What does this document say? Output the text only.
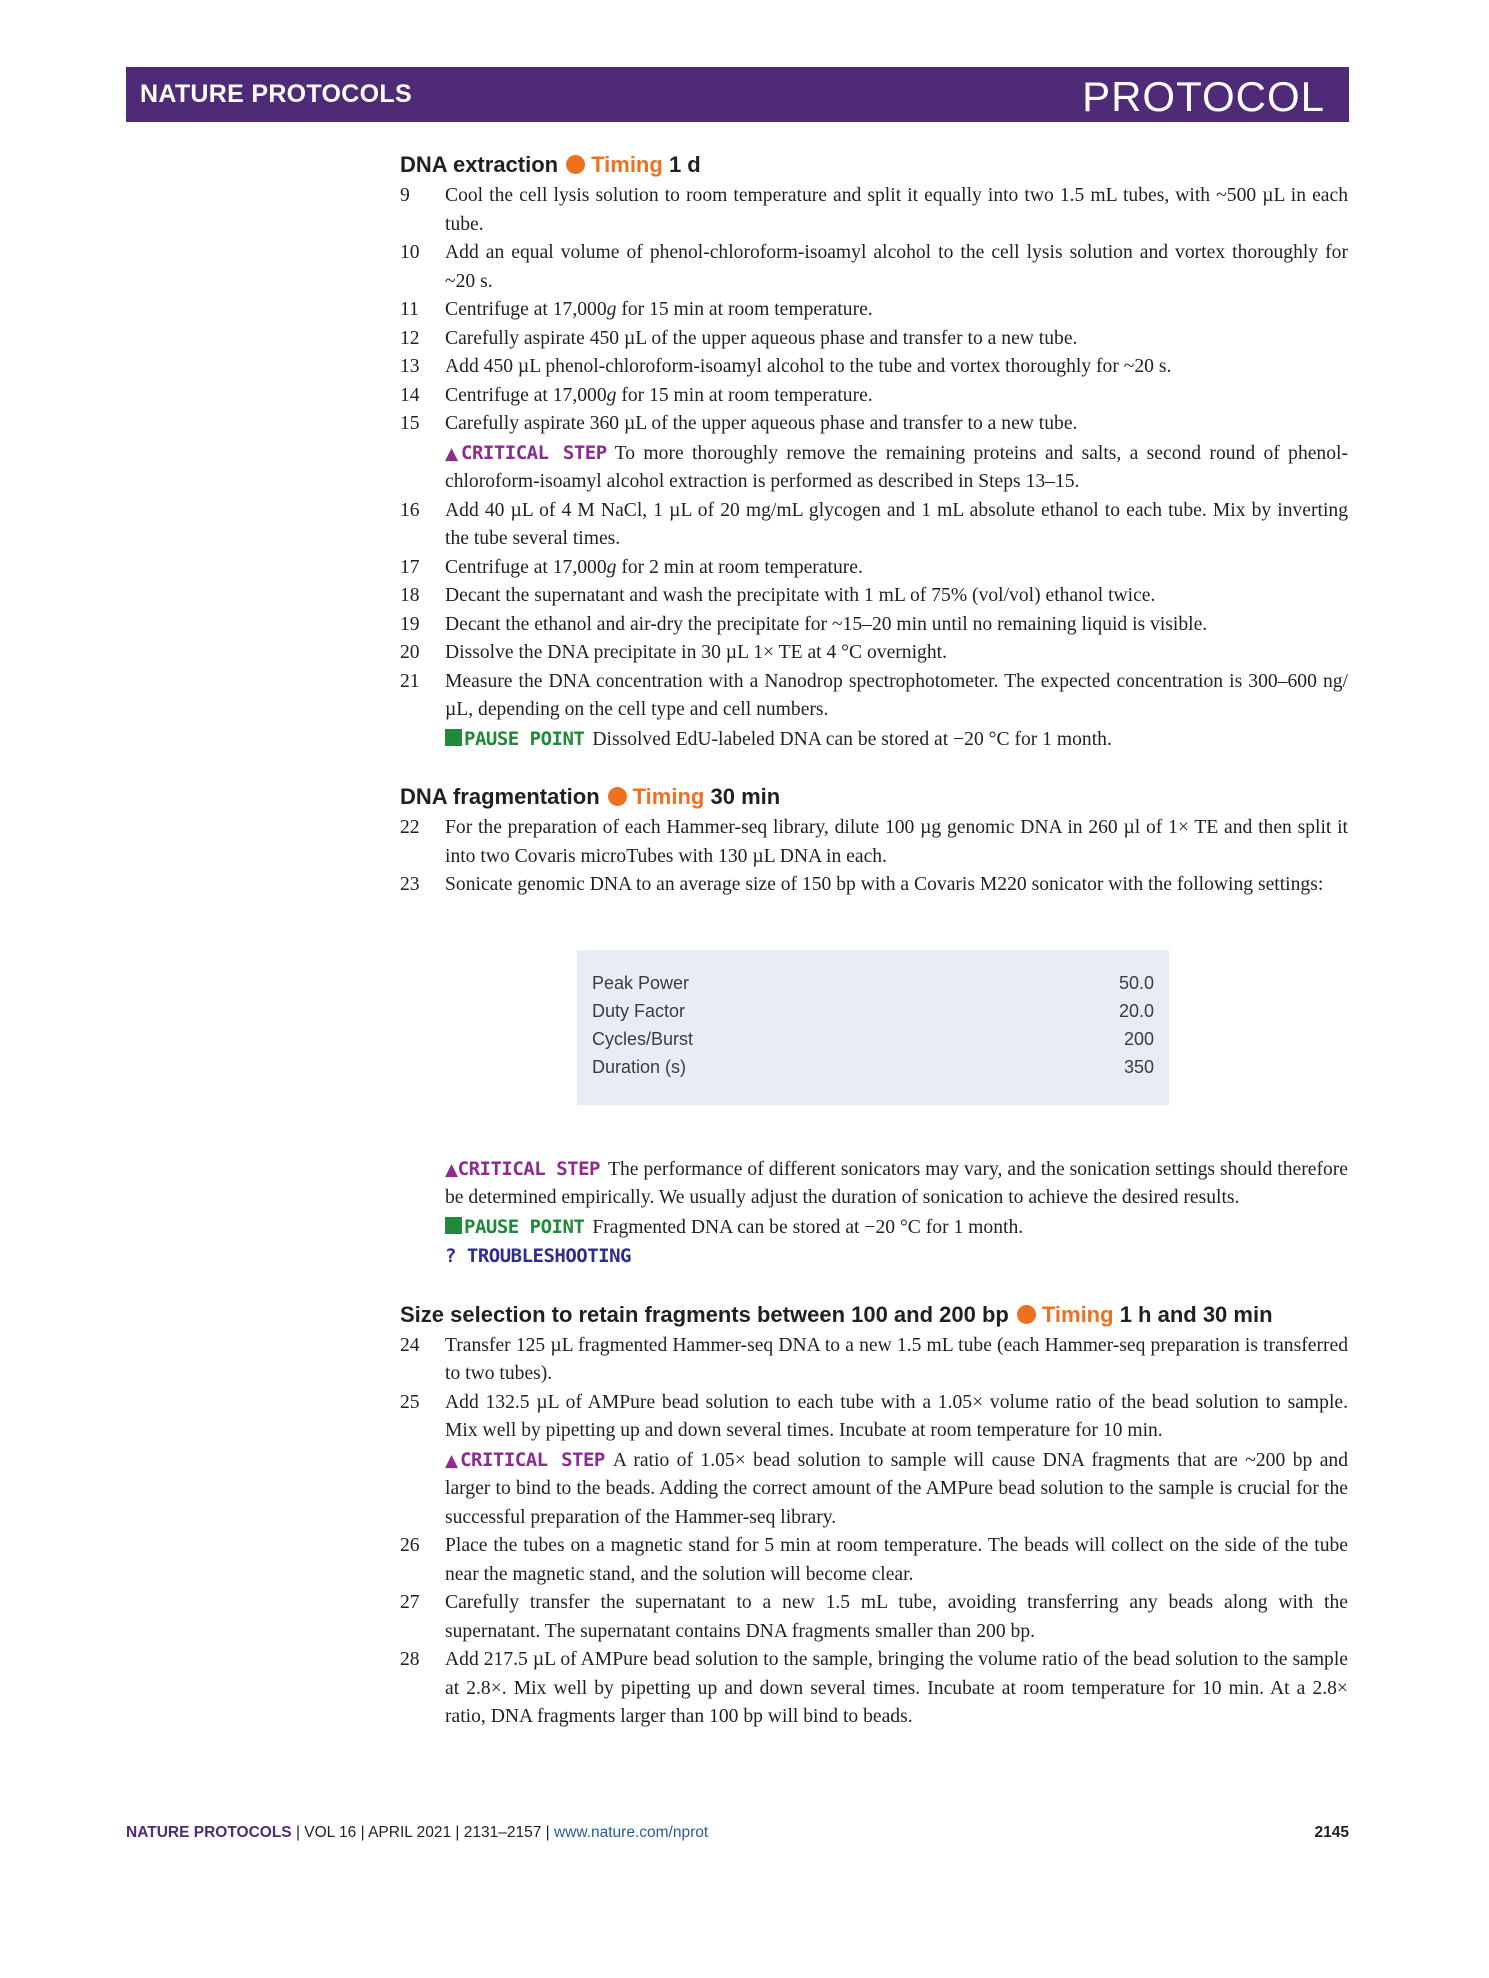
NATURE PROTOCOLS	PROTOCOL
DNA extraction Timing 1 d
9 Cool the cell lysis solution to room temperature and split it equally into two 1.5 mL tubes, with ~500 µL in each tube.
10 Add an equal volume of phenol-chloroform-isoamyl alcohol to the cell lysis solution and vortex thoroughly for ~20 s.
11 Centrifuge at 17,000g for 15 min at room temperature.
12 Carefully aspirate 450 µL of the upper aqueous phase and transfer to a new tube.
13 Add 450 µL phenol-chloroform-isoamyl alcohol to the tube and vortex thoroughly for ~20 s.
14 Centrifuge at 17,000g for 15 min at room temperature.
15 Carefully aspirate 360 µL of the upper aqueous phase and transfer to a new tube.
▲CRITICAL STEP To more thoroughly remove the remaining proteins and salts, a second round of phenol-chloroform-isoamyl alcohol extraction is performed as described in Steps 13–15.
16 Add 40 µL of 4 M NaCl, 1 µL of 20 mg/mL glycogen and 1 mL absolute ethanol to each tube. Mix by inverting the tube several times.
17 Centrifuge at 17,000g for 2 min at room temperature.
18 Decant the supernatant and wash the precipitate with 1 mL of 75% (vol/vol) ethanol twice.
19 Decant the ethanol and air-dry the precipitate for ~15–20 min until no remaining liquid is visible.
20 Dissolve the DNA precipitate in 30 µL 1× TE at 4 °C overnight.
21 Measure the DNA concentration with a Nanodrop spectrophotometer. The expected concentration is 300–600 ng/µL, depending on the cell type and cell numbers.
PAUSE POINT Dissolved EdU-labeled DNA can be stored at −20 °C for 1 month.
DNA fragmentation Timing 30 min
22 For the preparation of each Hammer-seq library, dilute 100 µg genomic DNA in 260 µl of 1× TE and then split it into two Covaris microTubes with 130 µL DNA in each.
23 Sonicate genomic DNA to an average size of 150 bp with a Covaris M220 sonicator with the following settings:
Peak Power	50.0
Duty Factor	20.0
Cycles/Burst	200
Duration (s)	350
▲CRITICAL STEP The performance of different sonicators may vary, and the sonication settings should therefore be determined empirically. We usually adjust the duration of sonication to achieve the desired results.
PAUSE POINT Fragmented DNA can be stored at −20 °C for 1 month.
? TROUBLESHOOTING
Size selection to retain fragments between 100 and 200 bp Timing 1 h and 30 min
24 Transfer 125 µL fragmented Hammer-seq DNA to a new 1.5 mL tube (each Hammer-seq preparation is transferred to two tubes).
25 Add 132.5 µL of AMPure bead solution to each tube with a 1.05× volume ratio of the bead solution to sample. Mix well by pipetting up and down several times. Incubate at room temperature for 10 min.
▲CRITICAL STEP A ratio of 1.05× bead solution to sample will cause DNA fragments that are ~200 bp and larger to bind to the beads. Adding the correct amount of the AMPure bead solution to the sample is crucial for the successful preparation of the Hammer-seq library.
26 Place the tubes on a magnetic stand for 5 min at room temperature. The beads will collect on the side of the tube near the magnetic stand, and the solution will become clear.
27 Carefully transfer the supernatant to a new 1.5 mL tube, avoiding transferring any beads along with the supernatant. The supernatant contains DNA fragments smaller than 200 bp.
28 Add 217.5 µL of AMPure bead solution to the sample, bringing the volume ratio of the bead solution to the sample at 2.8×. Mix well by pipetting up and down several times. Incubate at room temperature for 10 min. At a 2.8× ratio, DNA fragments larger than 100 bp will bind to beads.
NATURE PROTOCOLS | VOL 16 | APRIL 2021 | 2131–2157 | www.nature.com/nprot	2145
